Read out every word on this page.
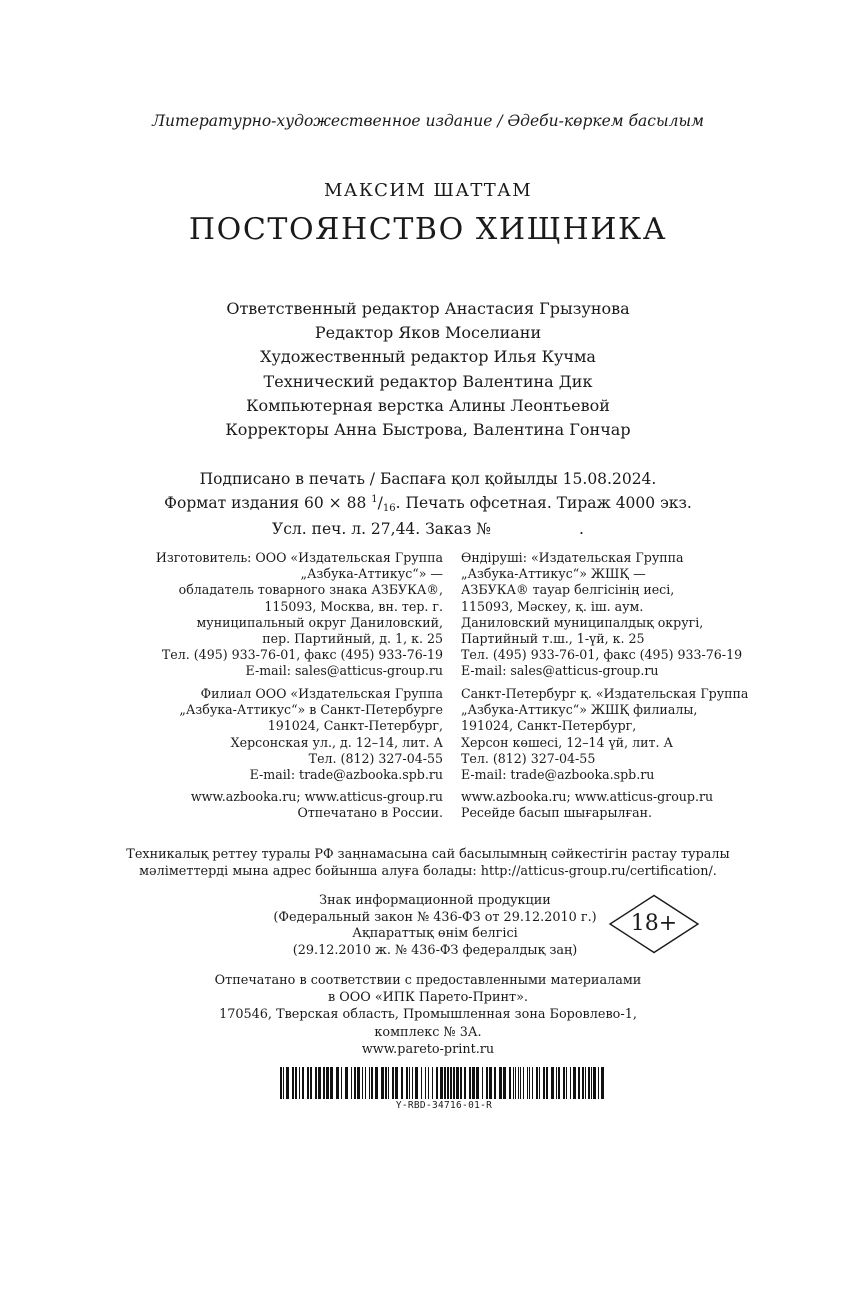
Литературно-художественное издание / Әдеби-көркем басылым
МАКСИМ ШАТТАМ
ПОСТОЯНСТВО ХИЩНИКА
Ответственный редактор Анастасия Грызунова
Редактор Яков Моселиани
Художественный редактор Илья Кучма
Технический редактор Валентина Дик
Компьютерная верстка Алины Леонтьевой
Корректоры Анна Быстрова, Валентина Гончар
Подписано в печать / Баспаға қол қойылды 15.08.2024.
Формат издания 60 × 88 $^1/_{16}$. Печать офсетная. Тираж 4000 экз.
Усл. печ. л. 27,44. Заказ №	.
Изготовитель: ООО «Издательская Группа
„Азбука-Аттикус“» —
обладатель товарного знака АЗБУКА®,
115093, Москва, вн. тер. г.
муниципальный округ Даниловский,
пер. Партийный, д. 1, к. 25
Тел. (495) 933-76-01, факс (495) 933-76-19
E-mail: sales@atticus-group.ru
Филиал ООО «Издательская Группа
„Азбука-Аттикус“» в Санкт-Петербурге
191024, Санкт-Петербург,
Херсонская ул., д. 12–14, лит. А
Тел. (812) 327-04-55
E-mail: trade@azbooka.spb.ru
www.azbooka.ru; www.atticus-group.ru
Отпечатано в России.
Өндіруші: «Издательская Группа
„Азбука-Аттикус“» ЖШҚ —
АЗБУКА® тауар белгісінің иесі,
115093, Мәскеу, қ. іш. аум.
Даниловский муниципалдық округі,
Партийный т.ш., 1-үй, к. 25
Тел. (495) 933-76-01, факс (495) 933-76-19
E-mail: sales@atticus-group.ru
Санкт-Петербург қ. «Издательская Группа
„Азбука-Аттикус“» ЖШҚ филиалы,
191024, Санкт-Петербург,
Херсон көшесі, 12–14 үй, лит. А
Тел. (812) 327-04-55
E-mail: trade@azbooka.spb.ru
www.azbooka.ru; www.atticus-group.ru
Ресейде басып шығарылған.
Техникалық реттеу туралы РФ заңнамасына сай басылымның сәйкестігін растау туралы
мәліметтерді мына адрес бойынша алуға болады: http://atticus-group.ru/certification/.
Знак информационной продукции
(Федеральный закон № 436-ФЗ от 29.12.2010 г.)
Ақпараттық өнім белгісі
(29.12.2010 ж. № 436-ФЗ федералдық заң)
18+
Отпечатано в соответствии с предоставленными материалами
в ООО «ИПК Парето-Принт».
170546, Тверская область, Промышленная зона Боровлево-1,
комплекс № 3А.
www.pareto-print.ru
Y-RBD-34716-01-R
